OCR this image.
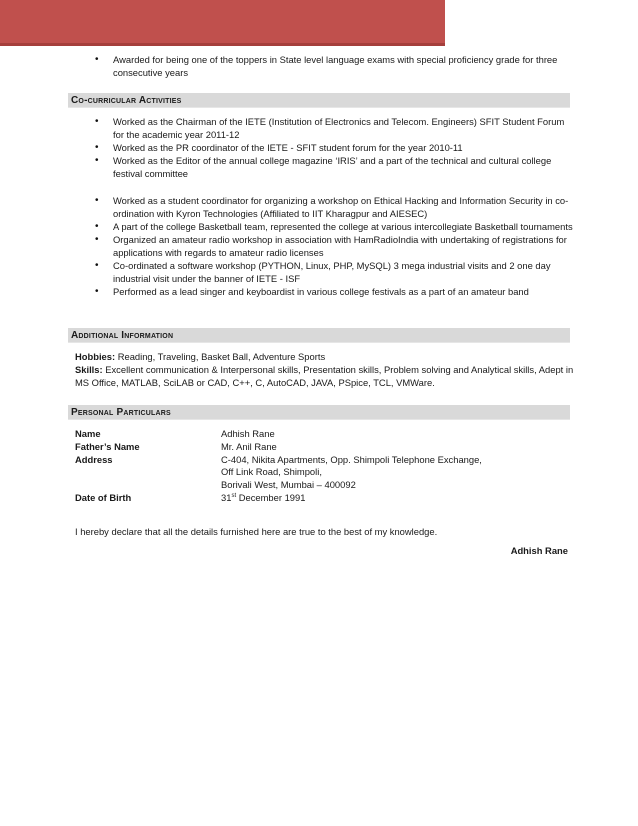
• Awarded for being one of the toppers in State level language exams with special proficiency grade for three consecutive years
Co-curricular Activities
• Worked as the Chairman of the IETE (Institution of Electronics and Telecom. Engineers) SFIT Student Forum for the academic year 2011-12
• Worked as the PR coordinator of the IETE - SFIT student forum for the year 2010-11
• Worked as the Editor of the annual college magazine ‘IRIS’ and a part of the technical and cultural college festival committee
• Worked as a student coordinator for organizing a workshop on Ethical Hacking and Information Security in co-ordination with Kyron Technologies (Affiliated to IIT Kharagpur and AIESEC)
• A part of the college Basketball team, represented the college at various intercollegiate Basketball tournaments
• Organized an amateur radio workshop in association with HamRadioIndia with undertaking of registrations for applications with regards to amateur radio licenses
• Co-ordinated a software workshop (PYTHON, Linux, PHP, MySQL) 3 mega industrial visits and 2 one day industrial visit under the banner of IETE - ISF
• Performed as a lead singer and keyboardist in various college festivals as a part of an amateur band
Additional Information
Hobbies: Reading, Traveling, Basket Ball, Adventure Sports
Skills: Excellent communication & Interpersonal skills, Presentation skills, Problem solving and Analytical skills, Adept in MS Office, MATLAB, SciLAB or CAD, C++, C, AutoCAD, JAVA, PSpice, TCL, VMWare.
Personal Particulars
Name	Adhish Rane
Father’s Name	Mr. Anil Rane
Address	C-404, Nikita Apartments, Opp. Shimpoli Telephone Exchange,
Off Link Road, Shimpoli,
Borivali West, Mumbai – 400092

Date of Birth	31st December 1991
I hereby declare that all the details furnished here are true to the best of my knowledge.
Adhish Rane
